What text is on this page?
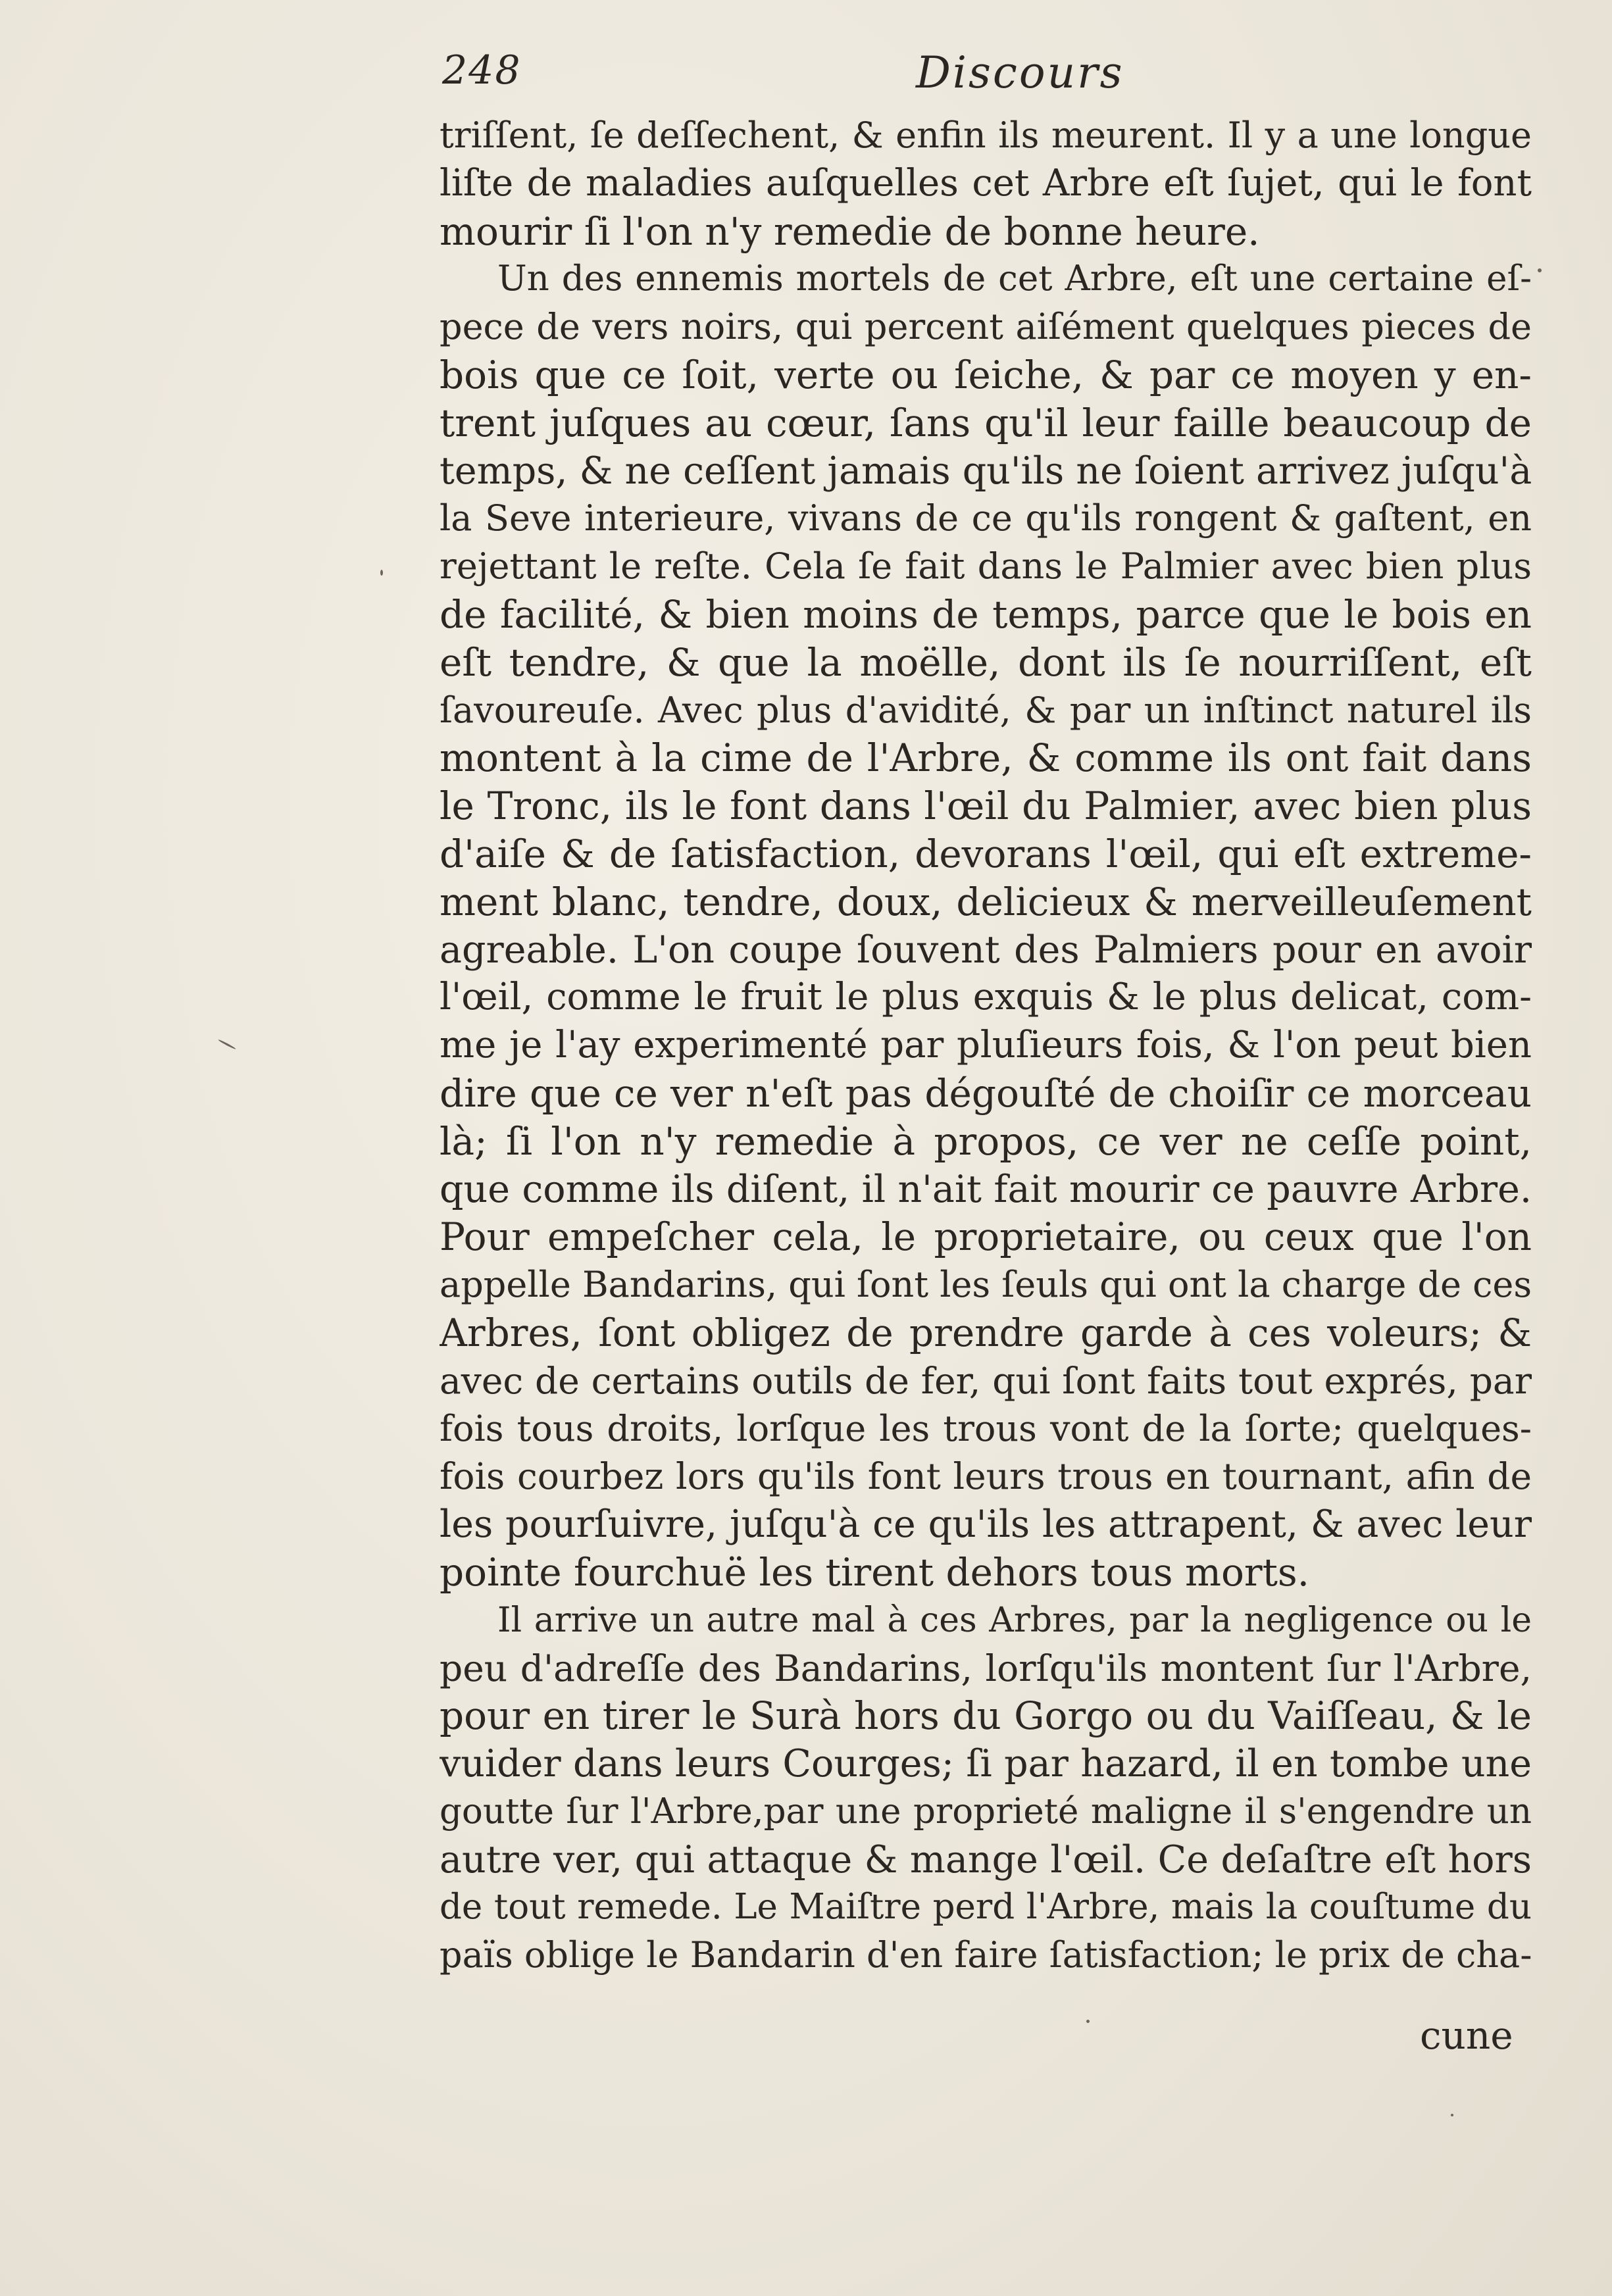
248	Discours
triſſent, ſe deſſechent, & enfin ils meurent. Il y a une longue
liſte de maladies auſquelles cet Arbre eſt ſujet, qui le font
mourir ſi l'on n'y remedie de bonne heure.
Un des ennemis mortels de cet Arbre, eſt une certaine eſ-
pece de vers noirs, qui percent aiſément quelques pieces de
bois que ce ſoit, verte ou ſeiche, & par ce moyen y en-
trent juſques au cœur, ſans qu'il leur faille beaucoup de
temps, & ne ceſſent jamais qu'ils ne ſoient arrivez juſqu'à
la Seve interieure, vivans de ce qu'ils rongent & gaſtent, en
rejettant le reſte. Cela ſe fait dans le Palmier avec bien plus
de facilité, & bien moins de temps, parce que le bois en
eſt tendre, & que la moëlle, dont ils ſe nourriſſent, eſt
ſavoureuſe. Avec plus d'avidité, & par un inſtinct naturel ils
montent à la cime de l'Arbre, & comme ils ont fait dans
le Tronc, ils le font dans l'œil du Palmier, avec bien plus
d'aiſe & de ſatisfaction, devorans l'œil, qui eſt extreme-
ment blanc, tendre, doux, delicieux & merveilleuſement
agreable. L'on coupe ſouvent des Palmiers pour en avoir
l'œil, comme le fruit le plus exquis & le plus delicat, com-
me je l'ay experimenté par pluſieurs fois, & l'on peut bien
dire que ce ver n'eſt pas dégouſté de choiſir ce morceau
là; ſi l'on n'y remedie à propos, ce ver ne ceſſe point,
que comme ils diſent, il n'ait fait mourir ce pauvre Arbre.
Pour empeſcher cela, le proprietaire, ou ceux que l'on
appelle Bandarins, qui ſont les ſeuls qui ont la charge de ces
Arbres, ſont obligez de prendre garde à ces voleurs; &
avec de certains outils de fer, qui ſont faits tout exprés, par
fois tous droits, lorſque les trous vont de la ſorte; quelques-
fois courbez lors qu'ils font leurs trous en tournant, afin de
les pourſuivre, juſqu'à ce qu'ils les attrapent, & avec leur
pointe fourchuë les tirent dehors tous morts.
Il arrive un autre mal à ces Arbres, par la negligence ou le
peu d'adreſſe des Bandarins, lorſqu'ils montent ſur l'Arbre,
pour en tirer le Surà hors du Gorgo ou du Vaiſſeau, & le
vuider dans leurs Courges; ſi par hazard, il en tombe une
goutte ſur l'Arbre,par une proprieté maligne il s'engendre un
autre ver, qui attaque & mange l'œil. Ce deſaſtre eſt hors
de tout remede. Le Maiſtre perd l'Arbre, mais la couſtume du
païs oblige le Bandarin d'en faire ſatisfaction; le prix de cha-
cune
